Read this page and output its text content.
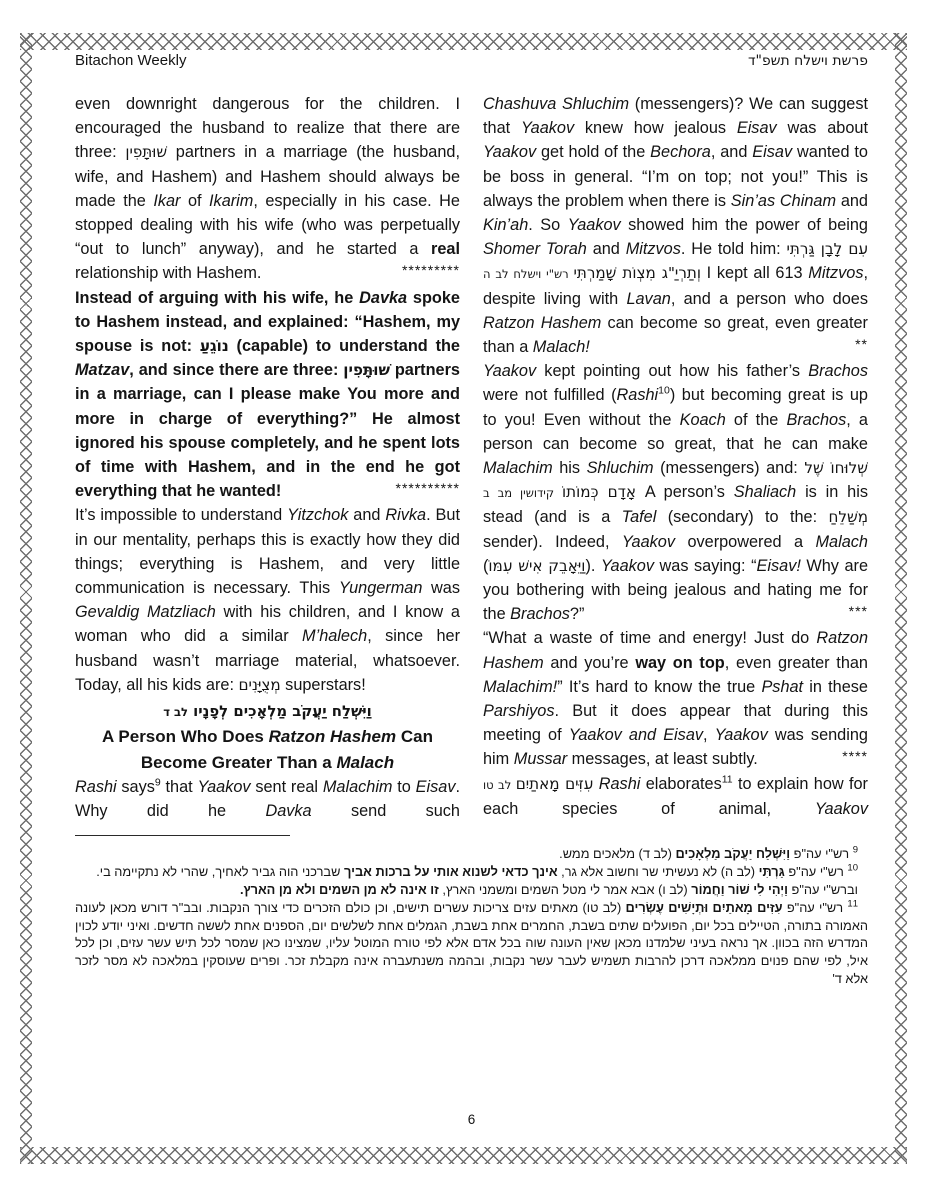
Bitachon Weekly	פרשת וישלח תשפ"ד

even downright dangerous for the children. I encouraged the husband to realize that there are three: שׁוּתָּפִין partners in a marriage (the husband, wife, and Hashem) and Hashem should always be made the Ikar of Ikarim, especially in his case. He stopped dealing with his wife (who was perpetually “out to lunch” anyway), and he started a real relationship with Hashem.	*********

Instead of arguing with his wife, he Davka spoke to Hashem instead, and explained: “Hashem, my spouse is not: נוֹגֵעַ (capable) to understand the Matzav, and since there are three: שׁוּתָּפִין partners in a marriage, can I please make You more and more in charge of everything?” He almost ignored his spouse completely, and he spent lots of time with Hashem, and in the end he got everything that he wanted!	**********

It’s impossible to understand Yitzchok and Rivka. But in our mentality, perhaps this is exactly how they did things; everything is Hashem, and very little communication is necessary. This Yungerman was Gevaldig Matzliach with his children, and I know a woman who did a similar M’halech, since her husband wasn’t marriage material, whatsoever. Today, all his kids are: מְצֻיָּנִים superstars!

וַיִּשְׁלַח יַעֲקֹב מַלְאָכִים לְפָנָיו לב ד

A Person Who Does Ratzon Hashem Can Become Greater Than a Malach

Rashi says$^9$ that Yaakov sent real Malachim to Eisav. Why did he Davka send such

Chashuva Shluchim (messengers)? We can suggest that Yaakov knew how jealous Eisav was about Yaakov get hold of the Bechora, and Eisav wanted to be boss in general. “I’m on top; not you!” This is always the problem when there is Sin’as Chinam and Kin’ah. So Yaakov showed him the power of being Shomer Torah and Mitzvos. He told him: עִם לָבָן גַּרְתִּי וְתַרְיַ"ג מִצְוֹת שָׁמַרְתִּי רש"י וישלח לב ה	I kept all 613 Mitzvos, despite living with Lavan, and a person who does Ratzon Hashem can become so great, even greater than a Malach!	**

Yaakov kept pointing out how his father’s Brachos were not fulfilled (Rashi$^{10}$) but becoming great is up to you! Even without the Koach of the Brachos, a person can become so great, that he can make Malachim his Shluchim (messengers) and: שְׁלוּחוֹ שֶׁל אָדָם כְּמוֹתוֹ קידושין מב ב	A person’s Shaliach is in his stead (and is a Tafel (secondary) to the: מְשַׁלֵחַ sender). Indeed, Yaakov overpowered a Malach (וַיֵּאָבֵק אִישׁ עִמּוֹ). Yaakov was saying: “Eisav! Why are you bothering with being jealous and hating me for the Brachos?”	***

“What a waste of time and energy! Just do Ratzon Hashem and you’re way on top, even greater than Malachim!” It’s hard to know the true Pshat in these Parshiyos. But it does appear that during this meeting of Yaakov and Eisav, Yaakov was sending him Mussar messages, at least subtly.	****

עִזִּים מָאתַיִם לב טו	Rashi elaborates$^{11}$ to explain how for each species of animal, Yaakov

$^9$ רש"י עה"פ וַיִּשְׁלַח יַעֲקֹב מַלְאָכִים (לב ד) מלאכים ממש.

$^{10}$ רש"י עה"פ גַּרְתִּי (לב ה) לא נעשיתי שר וחשוב אלא גר, אינך כדאי לשנוא אותי על ברכות אביך שברכני הוה גביר לאחיך, שהרי לא נתקיימה בי.

וברש"י עה"פ וַיְהִי לִי שׁוֹר וַחֲמוֹר (לב ו) אבא אמר לי מטל השמים ומשמני הארץ, זו אינה לא מן השמים ולא מן הארץ.

$^{11}$ רש"י עה"פ עִזִּים מָאתַיִם וּתְיָשִׁים עֶשְׂרִים (לב טו) מאתים עזים צריכות עשרים תישים, וכן כולם הזכרים כדי צורך הנקבות. ובב"ר דורש מכאן לעונה האמורה בתורה, הטיילים בכל יום, הפועלים שתים בשבת, החמרים אחת בשבת, הגמלים אחת לשלשים יום, הספנים אחת לששה חדשים. ואיני יודע לכוין המדרש הזה בכוון. אך נראה בעיני שלמדנו מכאן שאין העונה שוה בכל אדם אלא לפי טורח המוטל עליו, שמצינו כאן שמסר לכל תיש עשר עזים, וכן לכל איל, לפי שהם פנוים ממלאכה דרכן להרבות תשמיש לעבר עשר נקבות, ובהמה משנתעברה אינה מקבלת זכר. ופרים שעוסקין במלאכה לא מסר לזכר אלא ד'

6
